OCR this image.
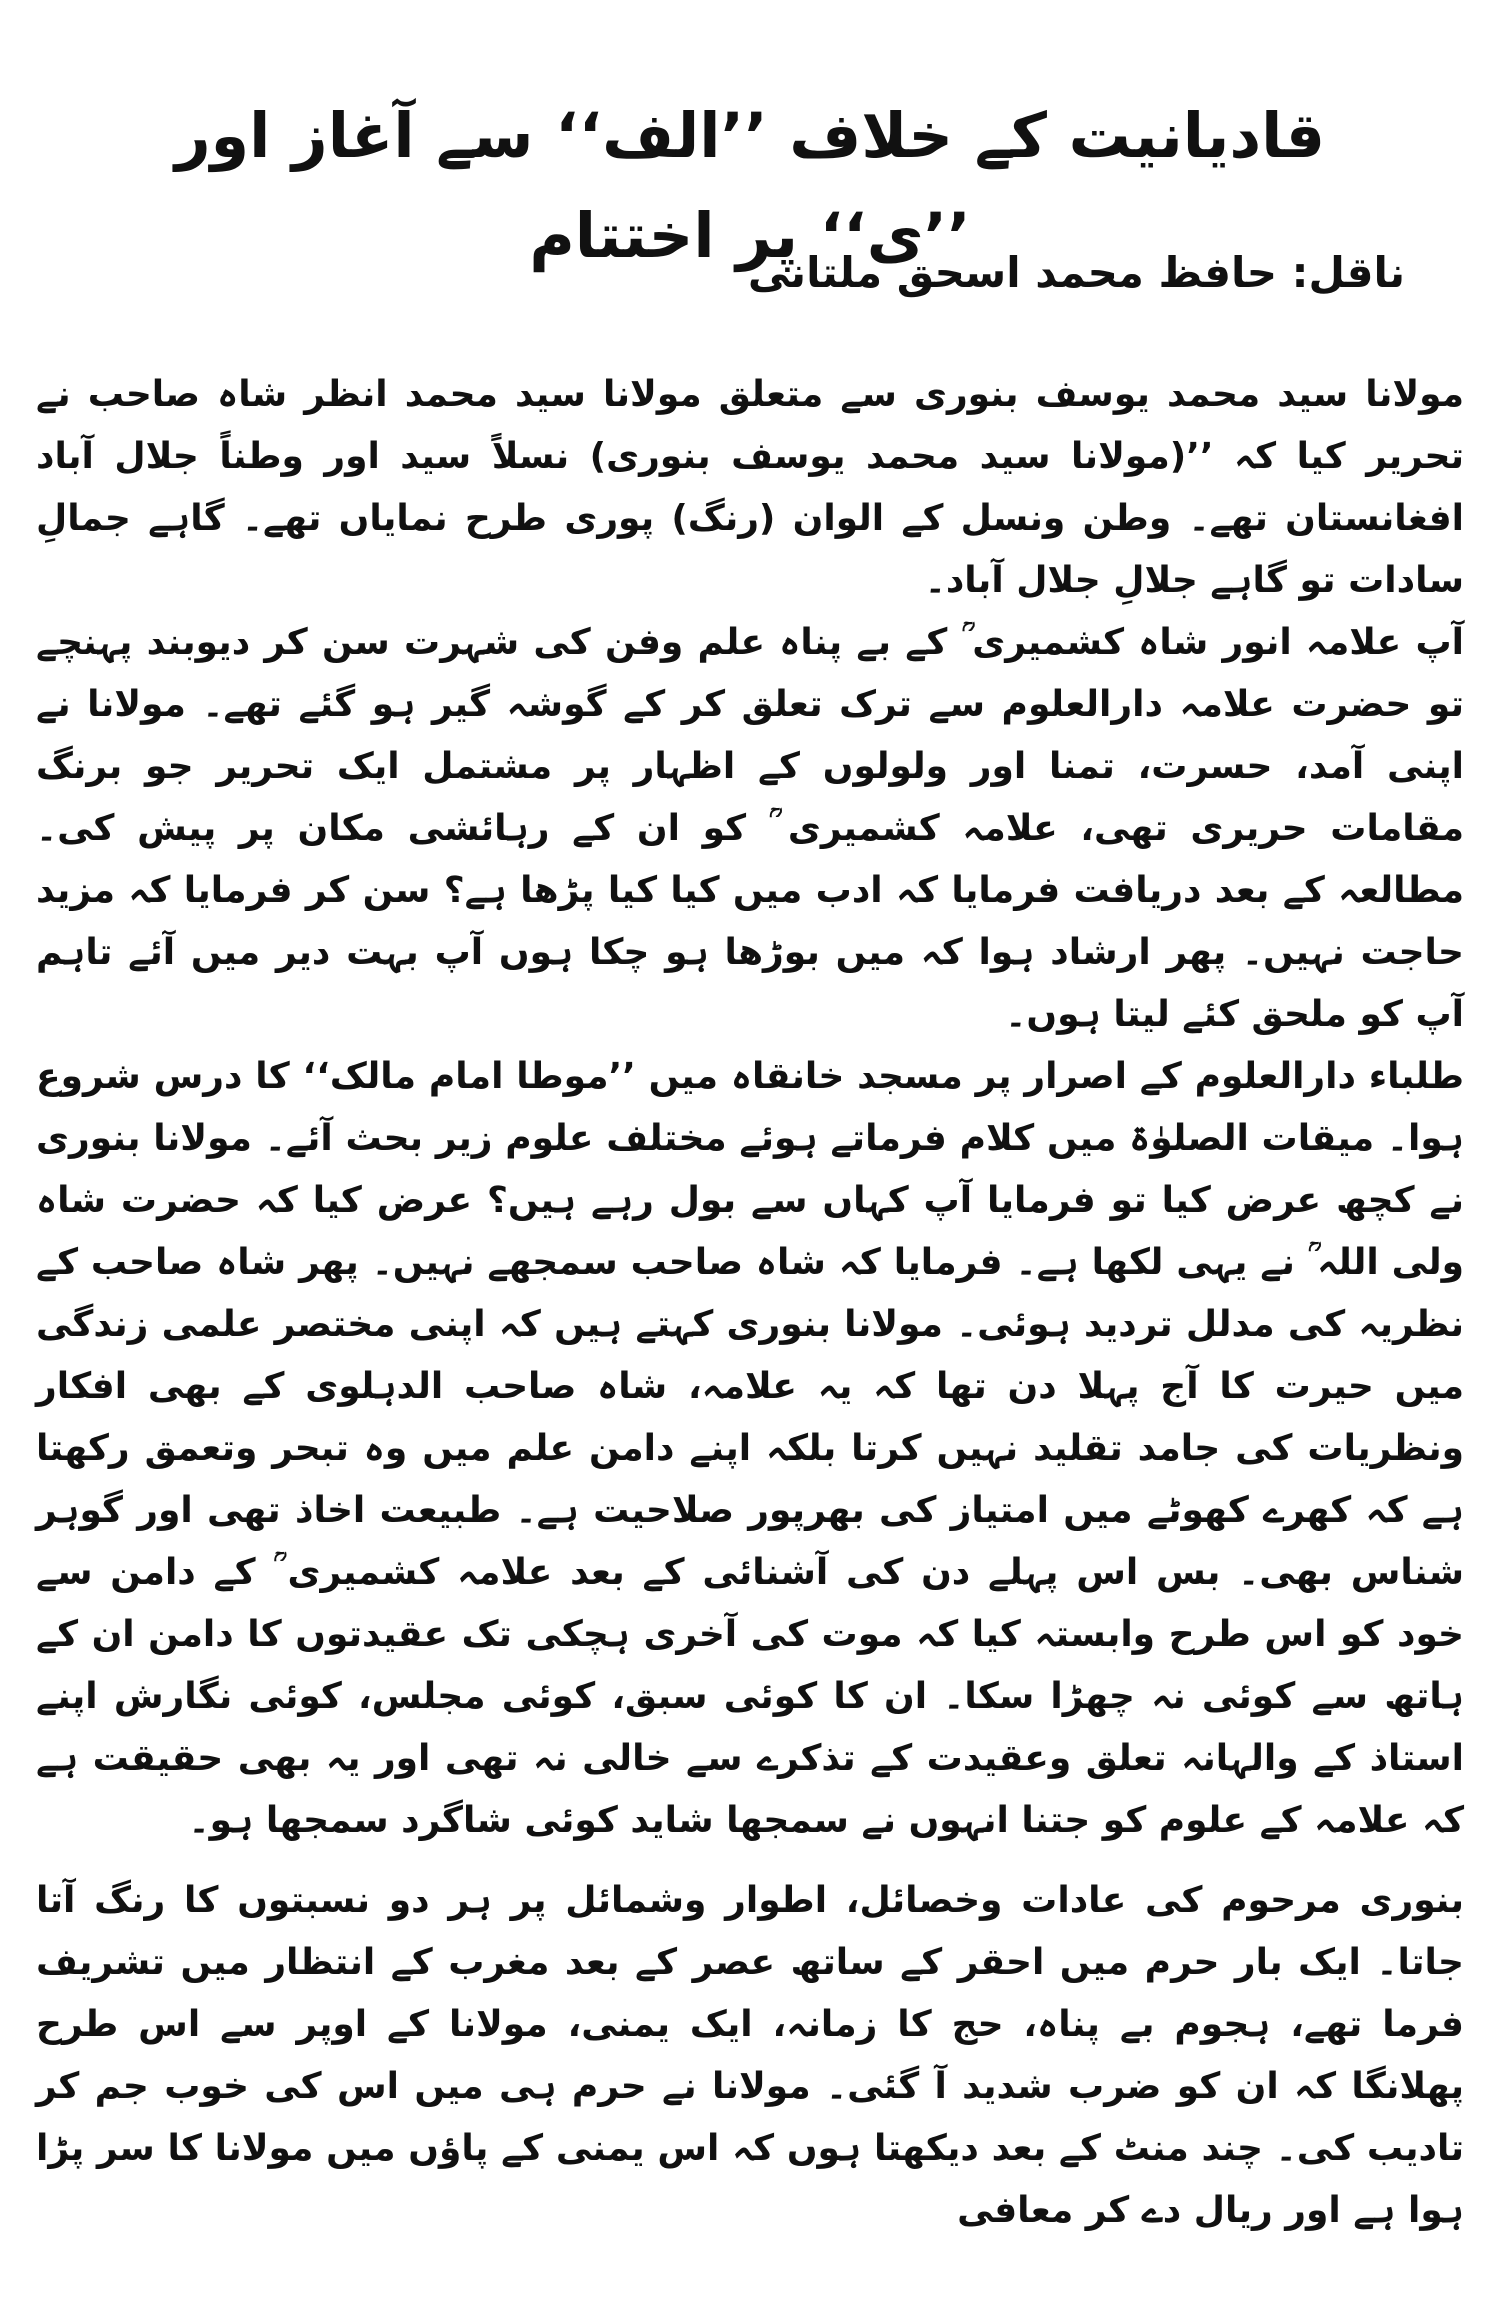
قادیانیت کے خلاف ’’الف‘‘ سے آغاز اور ’’ی‘‘ پر اختتام
ناقل: حافظ محمد اسحق ملتانی

مولانا سید محمد یوسف بنوری سے متعلق مولانا سید محمد انظر شاہ صاحب نے تحریر کیا کہ ’’(مولانا سید محمد یوسف بنوری) نسلاً سید اور وطناً جلال آباد افغانستان تھے۔ وطن ونسل کے الوان (رنگ) پوری طرح نمایاں تھے۔ گاہے جمالِ سادات تو گاہے جلالِ جلال آباد۔

آپ علامہ انور شاہ کشمیری ؒ کے بے پناہ علم وفن کی شہرت سن کر دیوبند پہنچے تو حضرت علامہ دارالعلوم سے ترک تعلق کر کے گوشہ گیر ہو گئے تھے۔ مولانا نے اپنی آمد، حسرت، تمنا اور ولولوں کے اظہار پر مشتمل ایک تحریر جو برنگ مقامات حریری تھی، علامہ کشمیری ؒ کو ان کے رہائشی مکان پر پیش کی۔ مطالعہ کے بعد دریافت فرمایا کہ ادب میں کیا کیا پڑھا ہے؟ سن کر فرمایا کہ مزید حاجت نہیں۔ پھر ارشاد ہوا کہ میں بوڑھا ہو چکا ہوں آپ بہت دیر میں آئے تاہم آپ کو ملحق کئے لیتا ہوں۔

طلباء دارالعلوم کے اصرار پر مسجد خانقاہ میں ’’موطا امام مالک‘‘ کا درس شروع ہوا۔ میقات الصلوٰۃ میں کلام فرماتے ہوئے مختلف علوم زیر بحث آئے۔ مولانا بنوری نے کچھ عرض کیا تو فرمایا آپ کہاں سے بول رہے ہیں؟ عرض کیا کہ حضرت شاہ ولی اللہ ؒ نے یہی لکھا ہے۔ فرمایا کہ شاہ صاحب سمجھے نہیں۔ پھر شاہ صاحب کے نظریہ کی مدلل تردید ہوئی۔ مولانا بنوری کہتے ہیں کہ اپنی مختصر علمی زندگی میں حیرت کا آج پہلا دن تھا کہ یہ علامہ، شاہ صاحب الدہلوی کے بھی افکار ونظریات کی جامد تقلید نہیں کرتا بلکہ اپنے دامن علم میں وہ تبحر وتعمق رکھتا ہے کہ کھرے کھوٹے میں امتیاز کی بھرپور صلاحیت ہے۔ طبیعت اخاذ تھی اور گوہر شناس بھی۔ بس اس پہلے دن کی آشنائی کے بعد علامہ کشمیری ؒ کے دامن سے خود کو اس طرح وابستہ کیا کہ موت کی آخری ہچکی تک عقیدتوں کا دامن ان کے ہاتھ سے کوئی نہ چھڑا سکا۔ ان کا کوئی سبق، کوئی مجلس، کوئی نگارش اپنے استاذ کے والہانہ تعلق وعقیدت کے تذکرے سے خالی نہ تھی اور یہ بھی حقیقت ہے کہ علامہ کے علوم کو جتنا انہوں نے سمجھا شاید کوئی شاگرد سمجھا ہو۔

بنوری مرحوم کی عادات وخصائل، اطوار وشمائل پر ہر دو نسبتوں کا رنگ آتا جاتا۔ ایک بار حرم میں احقر کے ساتھ عصر کے بعد مغرب کے انتظار میں تشریف فرما تھے، ہجوم بے پناہ، حج کا زمانہ، ایک یمنی، مولانا کے اوپر سے اس طرح پھلانگا کہ ان کو ضرب شدید آ گئی۔ مولانا نے حرم ہی میں اس کی خوب جم کر تادیب کی۔ چند منٹ کے بعد دیکھتا ہوں کہ اس یمنی کے پاؤں میں مولانا کا سر پڑا ہوا ہے اور ریال دے کر معافی
